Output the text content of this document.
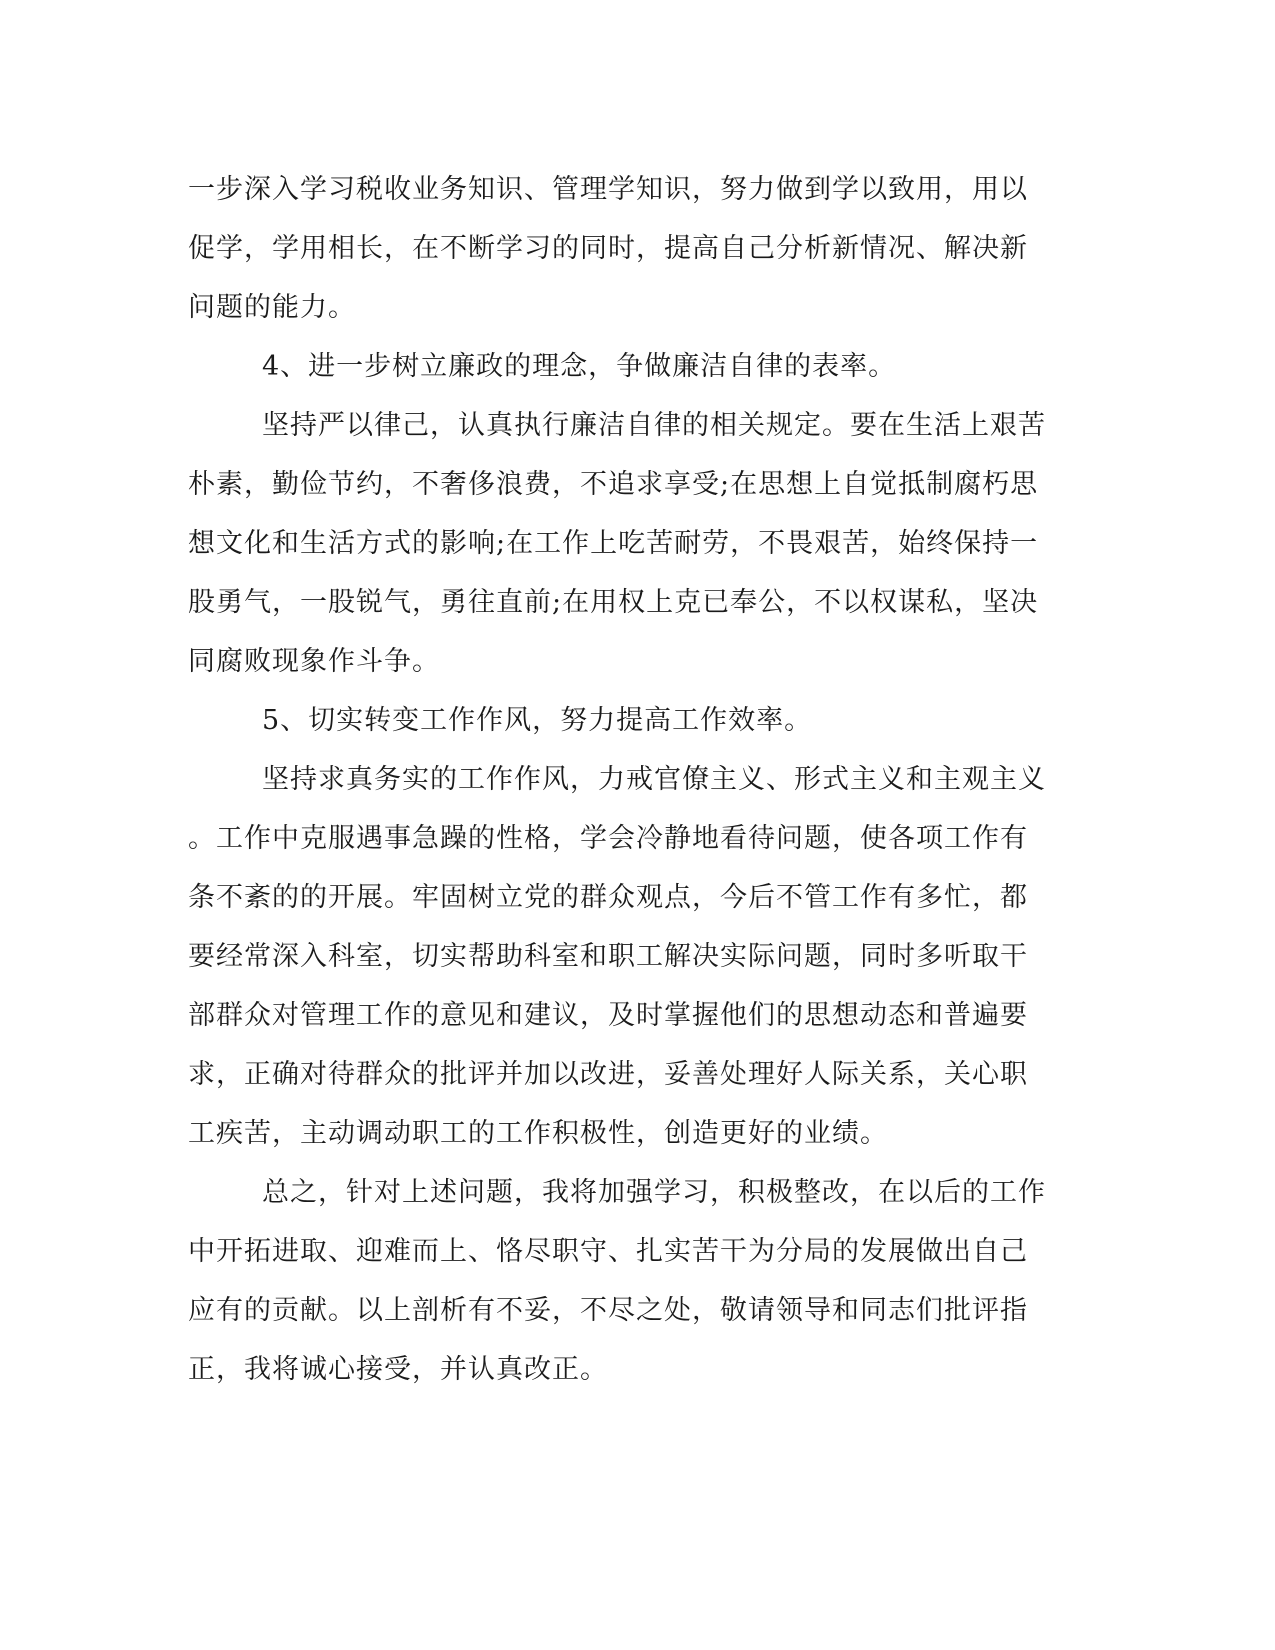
一步深入学习税收业务知识、管理学知识，努力做到学以致用，用以
促学，学用相长，在不断学习的同时，提高自己分析新情况、解决新
问题的能力。
4、进一步树立廉政的理念，争做廉洁自律的表率。
坚持严以律己，认真执行廉洁自律的相关规定。要在生活上艰苦
朴素，勤俭节约，不奢侈浪费，不追求享受;在思想上自觉抵制腐朽思
想文化和生活方式的影响;在工作上吃苦耐劳，不畏艰苦，始终保持一
股勇气，一股锐气，勇往直前;在用权上克已奉公，不以权谋私，坚决
同腐败现象作斗争。
5、切实转变工作作风，努力提高工作效率。
坚持求真务实的工作作风，力戒官僚主义、形式主义和主观主义
。工作中克服遇事急躁的性格，学会冷静地看待问题，使各项工作有
条不紊的的开展。牢固树立党的群众观点，今后不管工作有多忙，都
要经常深入科室，切实帮助科室和职工解决实际问题，同时多听取干
部群众对管理工作的意见和建议，及时掌握他们的思想动态和普遍要
求，正确对待群众的批评并加以改进，妥善处理好人际关系，关心职
工疾苦，主动调动职工的工作积极性，创造更好的业绩。
总之，针对上述问题，我将加强学习，积极整改，在以后的工作
中开拓进取、迎难而上、恪尽职守、扎实苦干为分局的发展做出自己
应有的贡献。以上剖析有不妥，不尽之处，敬请领导和同志们批评指
正，我将诚心接受，并认真改正。
